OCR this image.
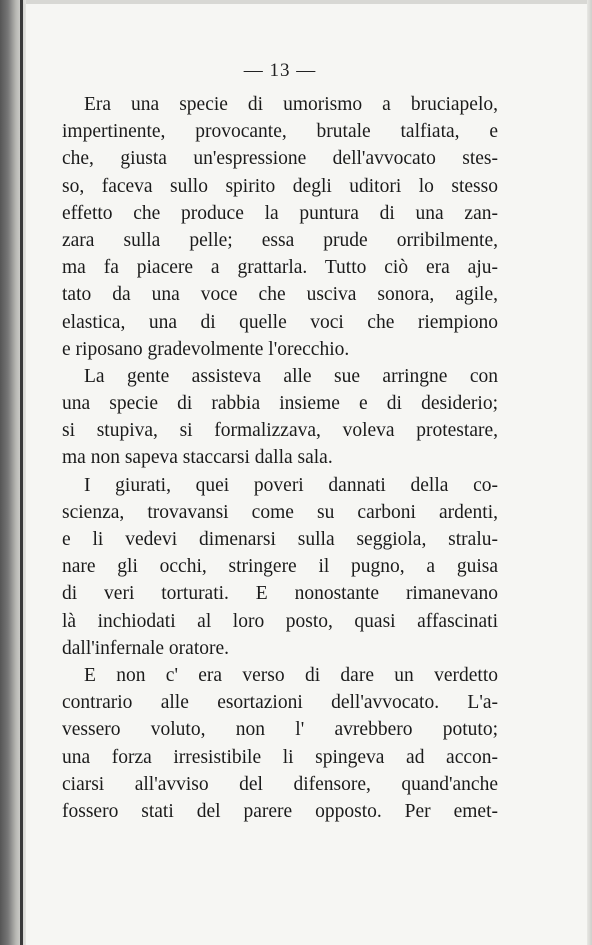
— 13 —
Era una specie di umorismo a bruciapelo,
impertinente, provocante, brutale talfiata, e
che, giusta un'espressione dell'avvocato stes-
so, faceva sullo spirito degli uditori lo stesso
effetto che produce la puntura di una zan-
zara sulla pelle; essa prude orribilmente,
ma fa piacere a grattarla. Tutto ciò era aju-
tato da una voce che usciva sonora, agile,
elastica, una di quelle voci che riempiono
e riposano gradevolmente l'orecchio.
La gente assisteva alle sue arringne con
una specie di rabbia insieme e di desiderio;
si stupiva, si formalizzava, voleva protestare,
ma non sapeva staccarsi dalla sala.
I giurati, quei poveri dannati della co-
scienza, trovavansi come su carboni ardenti,
e li vedevi dimenarsi sulla seggiola, stralu-
nare gli occhi, stringere il pugno, a guisa
di veri torturati. E nonostante rimanevano
là inchiodati al loro posto, quasi affascinati
dall'infernale oratore.
E non c' era verso di dare un verdetto
contrario alle esortazioni dell'avvocato. L'a-
vessero voluto, non l' avrebbero potuto;
una forza irresistibile li spingeva ad accon-
ciarsi all'avviso del difensore, quand'anche
fossero stati del parere opposto. Per emet-
